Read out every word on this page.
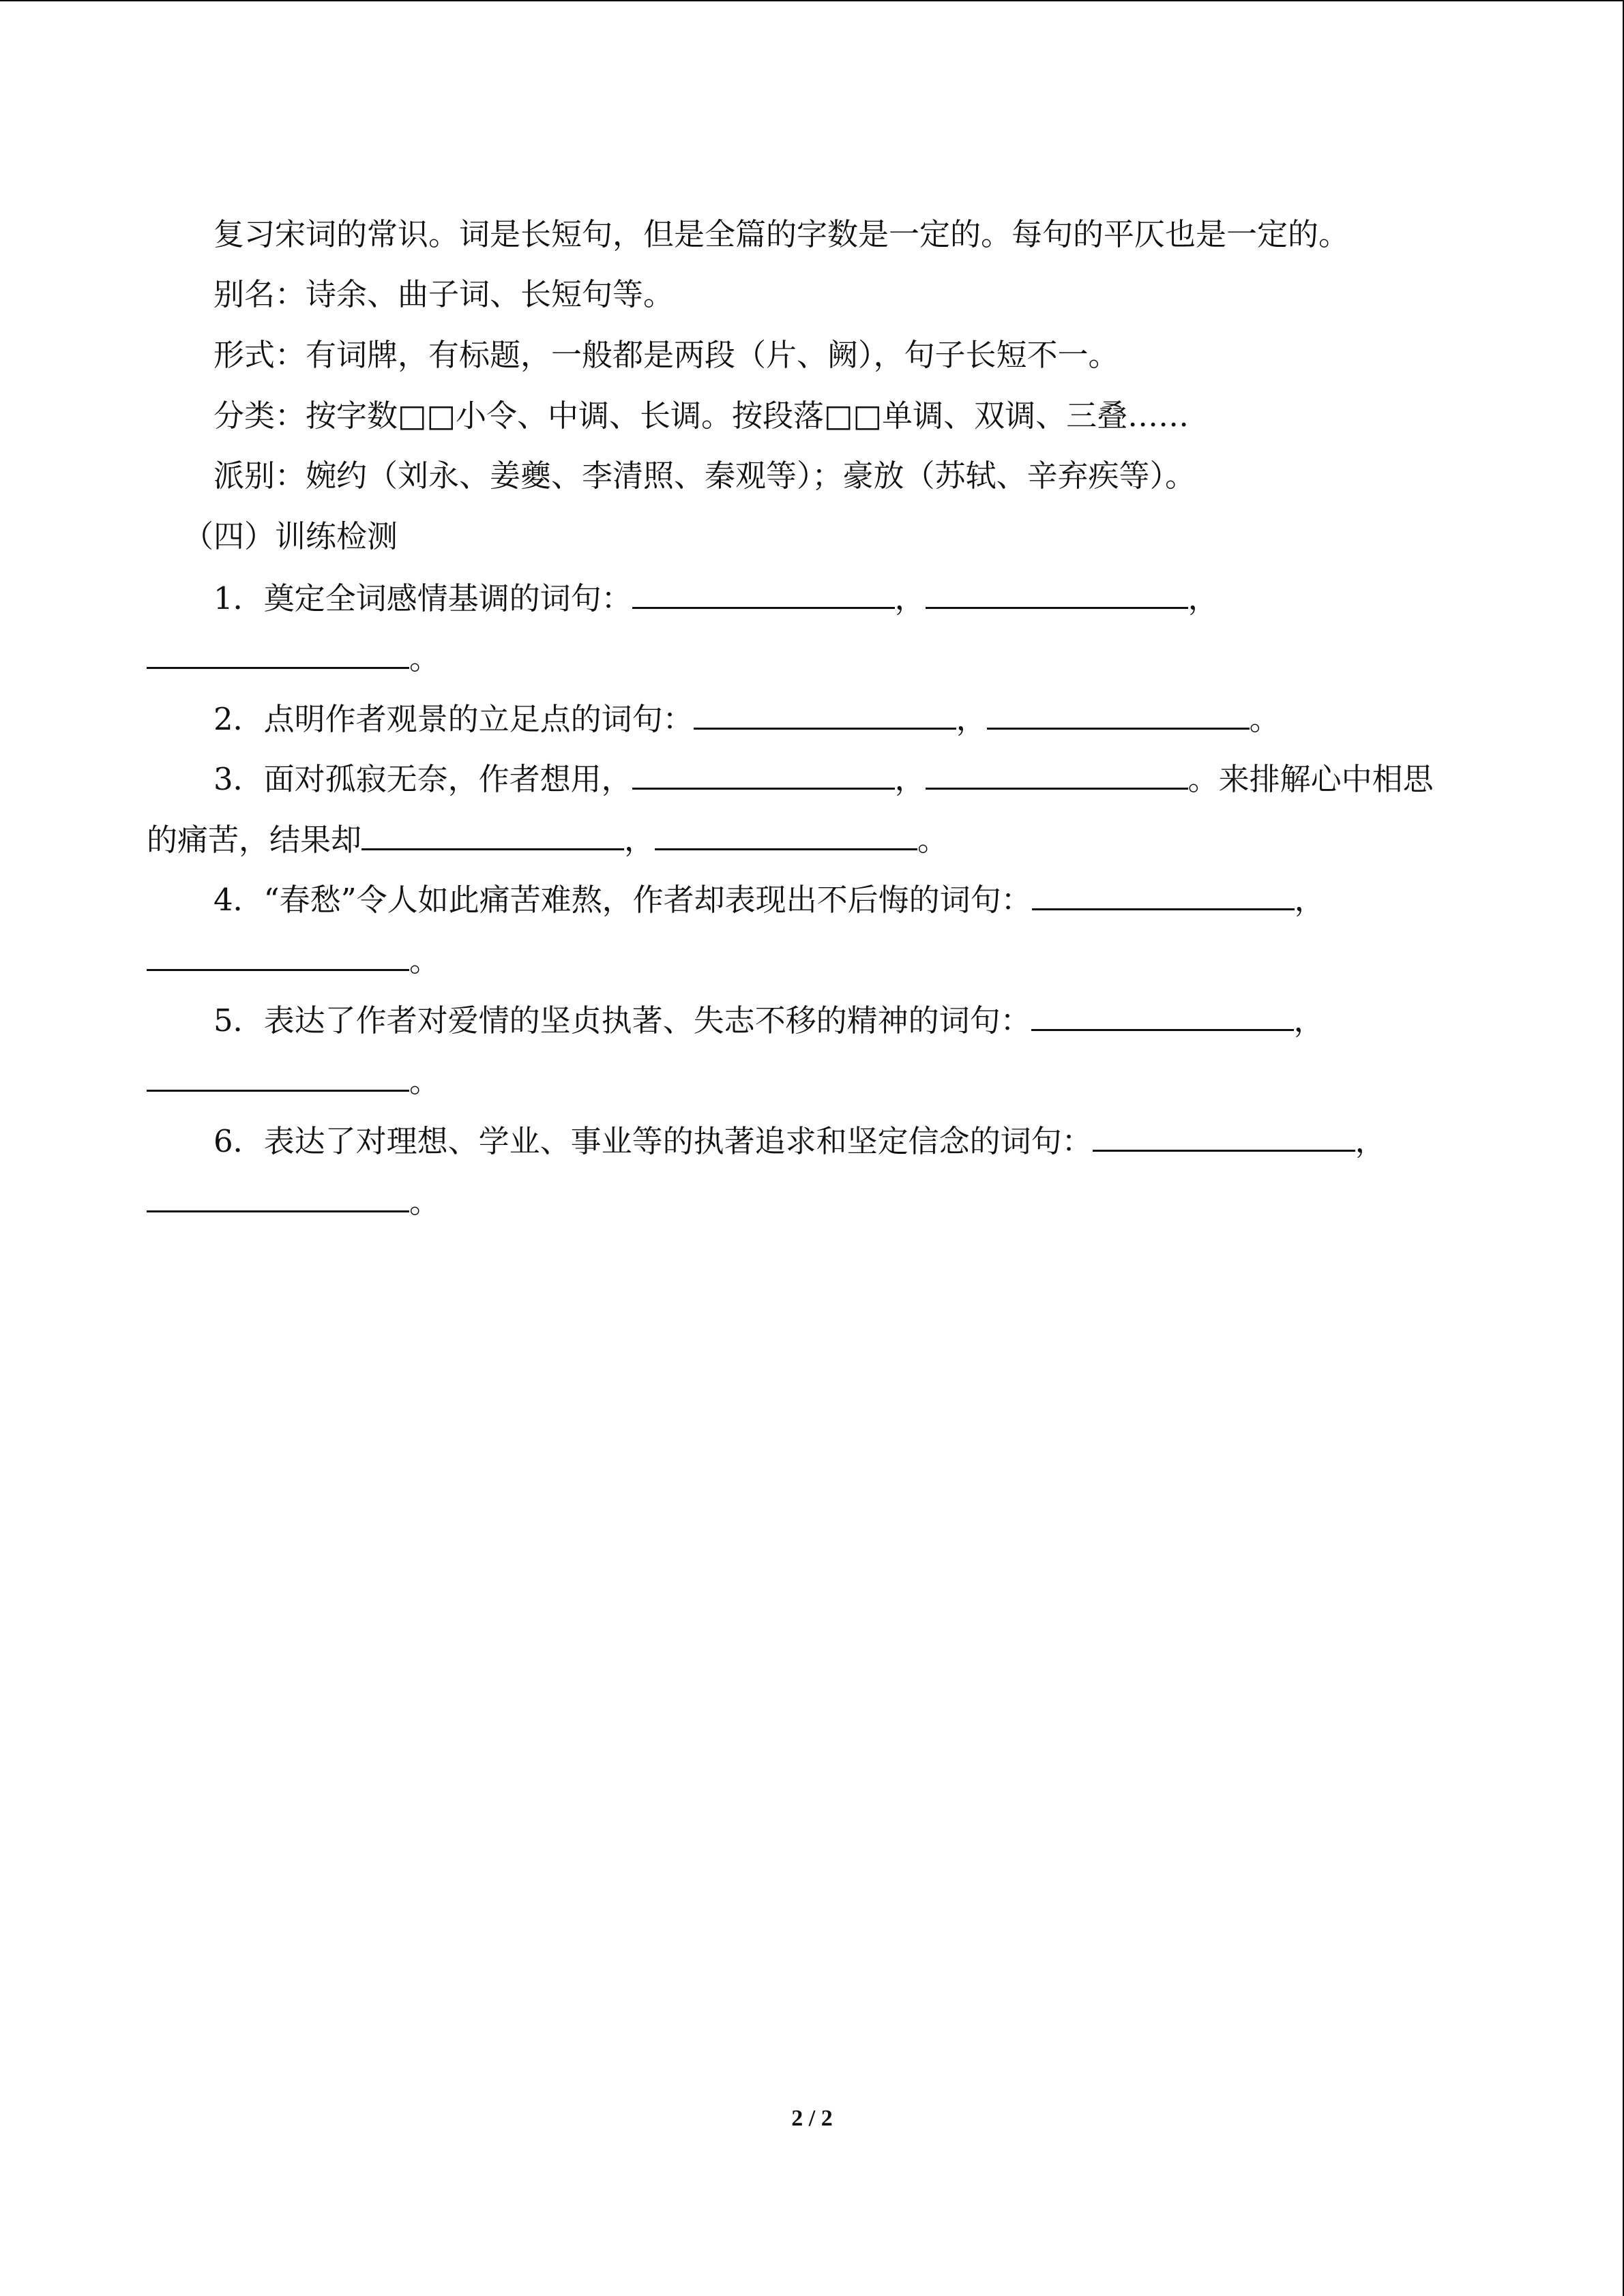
复习宋词的常识。词是长短句，但是全篇的字数是一定的。每句的平仄也是一定的。
别名：诗余、曲子词、长短句等。
形式：有词牌，有标题，一般都是两段（片、阙），句子长短不一。
分类：按字数□□小令、中调、长调。按段落□□单调、双调、三叠……
派别：婉约（刘永、姜夔、李清照、秦观等）；豪放（苏轼、辛弃疾等）。
（四）训练检测
1．奠定全词感情基调的词句：	，	，
。
2．点明作者观景的立足点的词句：	，	。
3．面对孤寂无奈，作者想用，	，	。来排解心中相思
的痛苦，结果却	，	。
4．“春愁”令人如此痛苦难熬，作者却表现出不后悔的词句：	，
。
5．表达了作者对爱情的坚贞执著、失志不移的精神的词句：	，
。
6．表达了对理想、学业、事业等的执著追求和坚定信念的词句：	，
。
2 / 2
